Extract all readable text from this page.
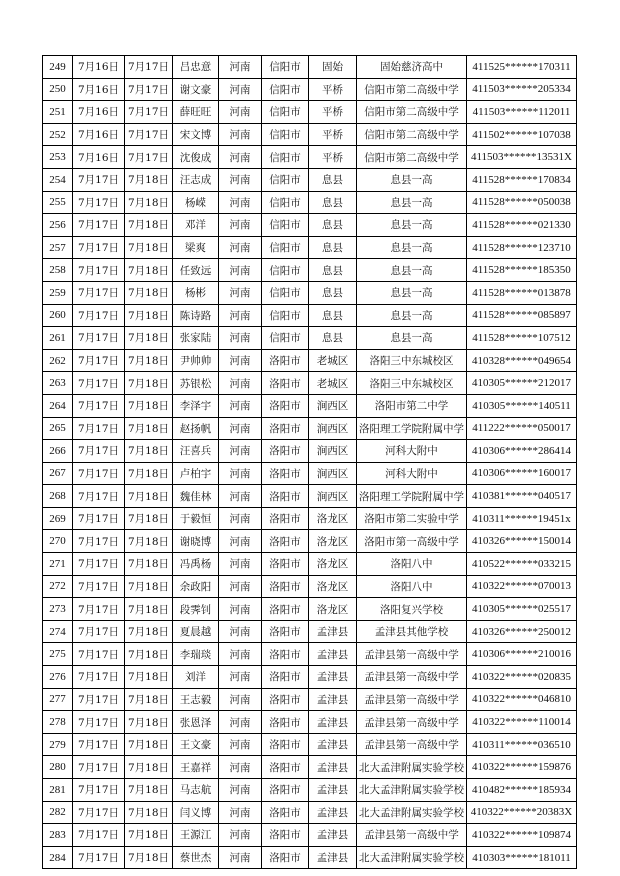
249	7月16日	7月17日	吕忠意	河南	信阳市	固始	固始慈济高中	411525******170311
250	7月16日	7月17日	谢文豪	河南	信阳市	平桥	信阳市第二高级中学	411503******205334
251	7月16日	7月17日	薛旺旺	河南	信阳市	平桥	信阳市第二高级中学	411503******112011
252	7月16日	7月17日	宋文博	河南	信阳市	平桥	信阳市第二高级中学	411502******107038
253	7月16日	7月17日	沈俊成	河南	信阳市	平桥	信阳市第二高级中学	411503******13531X
254	7月17日	7月18日	汪志成	河南	信阳市	息县	息县一高	411528******170834
255	7月17日	7月18日	杨嵘	河南	信阳市	息县	息县一高	411528******050038
256	7月17日	7月18日	邓洋	河南	信阳市	息县	息县一高	411528******021330
257	7月17日	7月18日	梁爽	河南	信阳市	息县	息县一高	411528******123710
258	7月17日	7月18日	任致远	河南	信阳市	息县	息县一高	411528******185350
259	7月17日	7月18日	杨彬	河南	信阳市	息县	息县一高	411528******013878
260	7月17日	7月18日	陈诗路	河南	信阳市	息县	息县一高	411528******085897
261	7月17日	7月18日	张家陆	河南	信阳市	息县	息县一高	411528******107512
262	7月17日	7月18日	尹帅帅	河南	洛阳市	老城区	洛阳三中东城校区	410328******049654
263	7月17日	7月18日	苏银松	河南	洛阳市	老城区	洛阳三中东城校区	410305******212017
264	7月17日	7月18日	李泽宇	河南	洛阳市	涧西区	洛阳市第二中学	410305******140511
265	7月17日	7月18日	赵扬帆	河南	洛阳市	涧西区	洛阳理工学院附属中学	411222******050017
266	7月17日	7月18日	汪喜兵	河南	洛阳市	涧西区	河科大附中	410306******286414
267	7月17日	7月18日	卢柏宇	河南	洛阳市	涧西区	河科大附中	410306******160017
268	7月17日	7月18日	魏佳林	河南	洛阳市	涧西区	洛阳理工学院附属中学	410381******040517
269	7月17日	7月18日	于毅恒	河南	洛阳市	洛龙区	洛阳市第二实验中学	410311******19451x
270	7月17日	7月18日	谢晓博	河南	洛阳市	洛龙区	洛阳市第一高级中学	410326******150014
271	7月17日	7月18日	冯禹杨	河南	洛阳市	洛龙区	洛阳八中	410522******033215
272	7月17日	7月18日	余政阳	河南	洛阳市	洛龙区	洛阳八中	410322******070013
273	7月17日	7月18日	段霁钊	河南	洛阳市	洛龙区	洛阳复兴学校	410305******025517
274	7月17日	7月18日	夏晨越	河南	洛阳市	孟津县	孟津县其他学校	410326******250012
275	7月17日	7月18日	李瑞琰	河南	洛阳市	孟津县	孟津县第一高级中学	410306******210016
276	7月17日	7月18日	刘洋	河南	洛阳市	孟津县	孟津县第一高级中学	410322******020835
277	7月17日	7月18日	王志毅	河南	洛阳市	孟津县	孟津县第一高级中学	410322******046810
278	7月17日	7月18日	张恩泽	河南	洛阳市	孟津县	孟津县第一高级中学	410322******110014
279	7月17日	7月18日	王文豪	河南	洛阳市	孟津县	孟津县第一高级中学	410311******036510
280	7月17日	7月18日	王嘉祥	河南	洛阳市	孟津县	北大孟津附属实验学校	410322******159876
281	7月17日	7月18日	马志航	河南	洛阳市	孟津县	北大孟津附属实验学校	410482******185934
282	7月17日	7月18日	闫义博	河南	洛阳市	孟津县	北大孟津附属实验学校	410322******20383X
283	7月17日	7月18日	王源江	河南	洛阳市	孟津县	孟津县第一高级中学	410322******109874
284	7月17日	7月18日	蔡世杰	河南	洛阳市	孟津县	北大孟津附属实验学校	410303******181011
